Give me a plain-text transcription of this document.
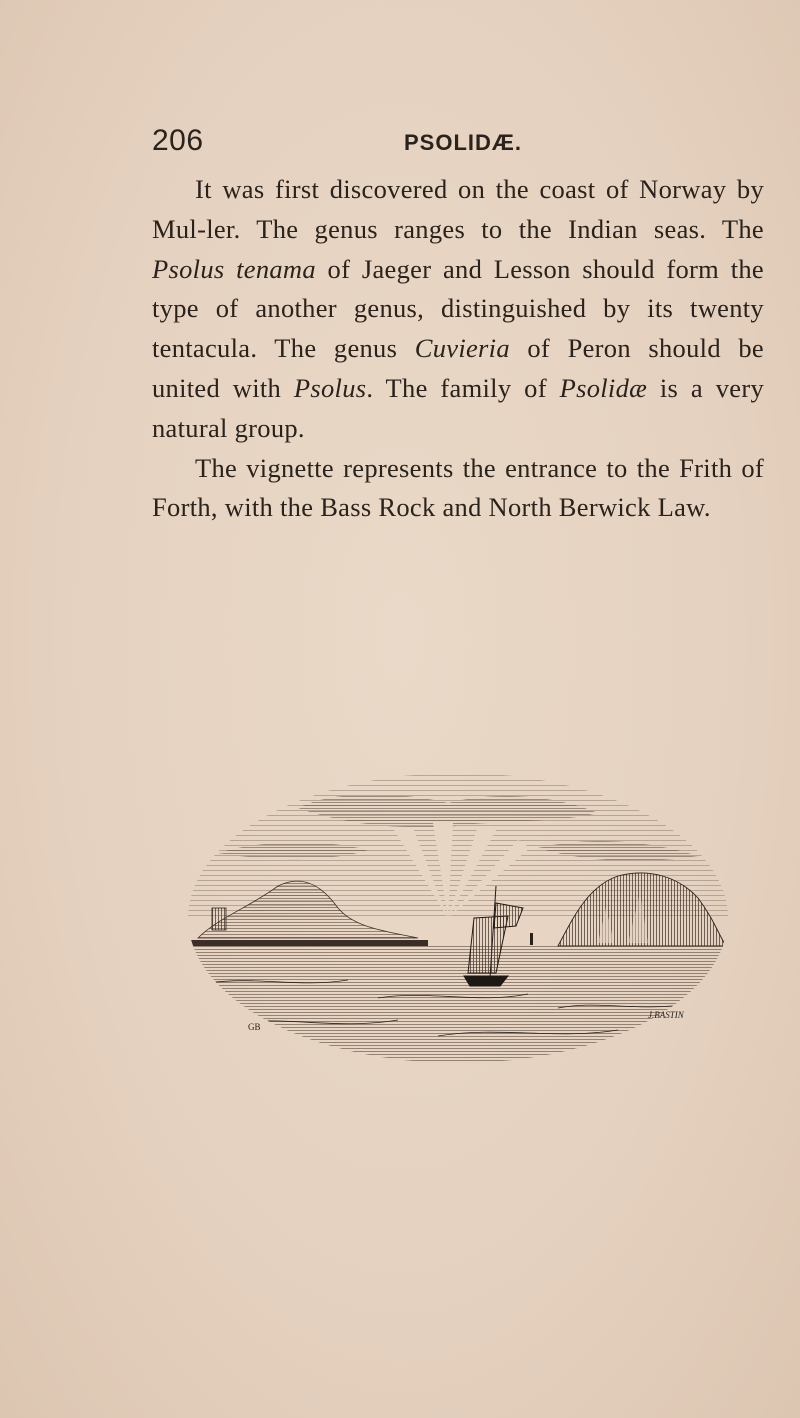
206	PSOLIDÆ.

It was first discovered on the coast of Norway by Mul-ler. The genus ranges to the Indian seas. The Psolus tenama of Jaeger and Lesson should form the type of another genus, distinguished by its twenty tentacula. The genus Cuvieria of Peron should be united with Psolus. The family of Psolidæ is a very natural group.

The vignette represents the entrance to the Frith of Forth, with the Bass Rock and North Berwick Law.

GB
J.BASTIN
